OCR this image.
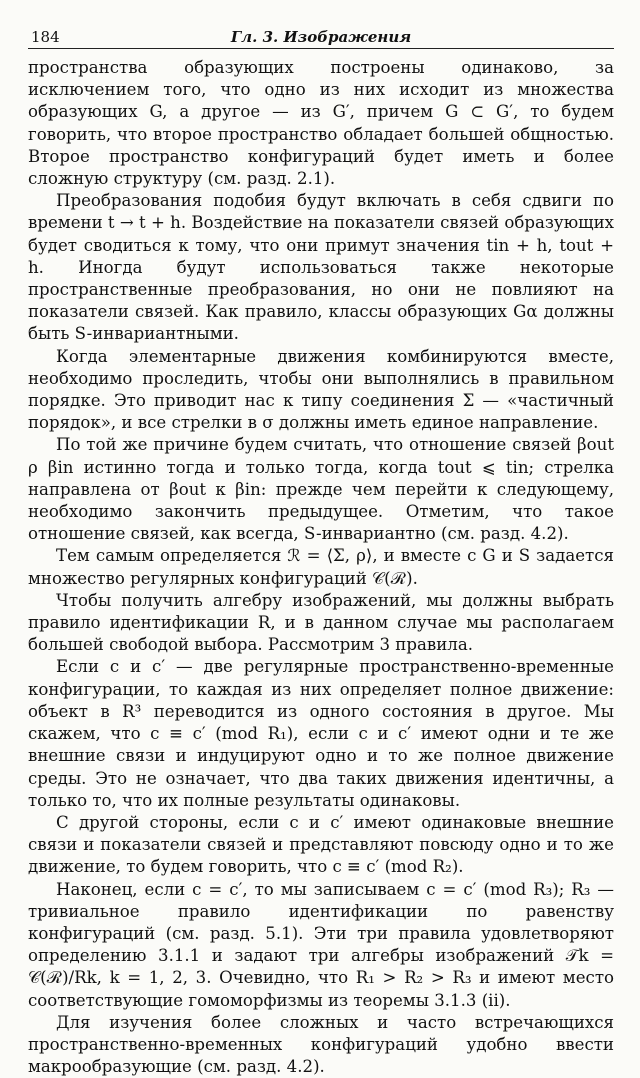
184	Гл. 3. Изображения

пространства образующих построены одинаково, за исключением того, что одно из них исходит из множества образующих G, а другое — из G′, причем G ⊂ G′, то будем говорить, что второе пространство обладает большей общностью. Второе пространство конфигураций будет иметь и более сложную структуру (см. разд. 2.1).

Преобразования подобия будут включать в себя сдвиги по времени t → t + h. Воздействие на показатели связей образующих будет сводиться к тому, что они примут значения tin + h, tout + h. Иногда будут использоваться также некоторые пространственные преобразования, но они не повлияют на показатели связей. Как правило, классы образующих Gα должны быть S-инвариантными.

Когда элементарные движения комбинируются вместе, необходимо проследить, чтобы они выполнялись в правильном порядке. Это приводит нас к типу соединения Σ — «частичный порядок», и все стрелки в σ должны иметь единое направление.

По той же причине будем считать, что отношение связей βout ρ βin истинно тогда и только тогда, когда tout ⩽ tin; стрелка направлена от βout к βin: прежде чем перейти к следующему, необходимо закончить предыдущее. Отметим, что такое отношение связей, как всегда, S-инвариантно (см. разд. 4.2).

Тем самым определяется ℛ = ⟨Σ, ρ⟩, и вместе с G и S задается множество регулярных конфигураций 𝒞(ℛ).

Чтобы получить алгебру изображений, мы должны выбрать правило идентификации R, и в данном случае мы располагаем большей свободой выбора. Рассмотрим 3 правила.

Если c и c′ — две регулярные пространственно-временные конфигурации, то каждая из них определяет полное движение: объект в R³ переводится из одного состояния в другое. Мы скажем, что c ≡ c′ (mod R₁), если c и c′ имеют одни и те же внешние связи и индуцируют одно и то же полное движение среды. Это не означает, что два таких движения идентичны, а только то, что их полные результаты одинаковы.

С другой стороны, если c и c′ имеют одинаковые внешние связи и показатели связей и представляют повсюду одно и то же движение, то будем говорить, что c ≡ c′ (mod R₂).

Наконец, если c = c′, то мы записываем c = c′ (mod R₃); R₃ — тривиальное правило идентификации по равенству конфигураций (см. разд. 5.1). Эти три правила удовлетворяют определению 3.1.1 и задают три алгебры изображений 𝒯k = 𝒞(ℛ)/Rk, k = 1, 2, 3. Очевидно, что R₁ > R₂ > R₃ и имеют место соответствующие гомоморфизмы из теоремы 3.1.3 (ii).

Для изучения более сложных и часто встречающихся пространственно-временных конфигураций удобно ввести макрообразующие (см. разд. 4.2).
